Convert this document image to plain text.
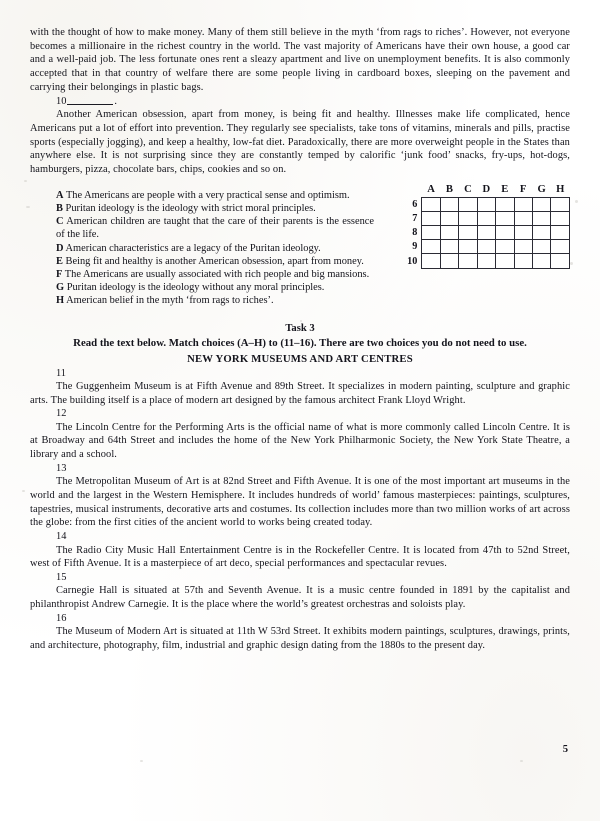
with the thought of how to make money. Many of them still believe in the myth ‘from rags to riches’. However, not everyone becomes a millionaire in the richest country in the world. The vast majority of Americans have their own house, a good car and a well-paid job. The less fortunate ones rent a sleazy apartment and live on unemployment benefits. It is also commonly accepted that in that country of welfare there are some people living in cardboard boxes, sleeping on the pavement and carrying their belongings in plastic bags.

10	.

Another American obsession, apart from money, is being fit and healthy. Illnesses make life complicated, hence Americans put a lot of effort into prevention. They regularly see specialists, take tons of vitamins, minerals and pills, practise sports (especially jogging), and keep a healthy, low-fat diet. Paradoxically, there are more overweight people in the States than anywhere else. It is not surprising since they are constantly temped by calorific ‘junk food’ snacks, fry-ups, hot-dogs, hamburgers, pizza, chocolate bars, chips, cookies and so on.

A The Americans are people with a very practical sense and optimism.

B Puritan ideology is the ideology with strict moral principles.

C American children are taught that the care of their parents is the essence of the life.

D American characteristics are a legacy of the Puritan ideology.

E Being fit and healthy is another American obsession, apart from money.

F The Americans are usually associated with rich people and big mansions.

G Puritan ideology is the ideology without any moral principles.

H American belief in the myth ‘from rags to riches’.

	A	B	C	D	E	F	G	H
6								
7								
8								
9								
10								

Task 3

Read the text below. Match choices (A–H) to (11–16). There are two choices you do not need to use.

NEW YORK MUSEUMS AND ART CENTRES

11

The Guggenheim Museum is at Fifth Avenue and 89th Street. It specializes in modern painting, sculpture and graphic arts. The building itself is a place of modern art designed by the famous architect Frank Lloyd Wright.

12

The Lincoln Centre for the Performing Arts is the official name of what is more commonly called Lincoln Centre. It is at Broadway and 64th Street and includes the home of the New York Philharmonic Society, the New York State Theatre, a library and a school.

13

The Metropolitan Museum of Art is at 82nd Street and Fifth Avenue. It is one of the most important art museums in the world and the largest in the Western Hemisphere. It includes hundreds of world’ famous masterpieces: paintings, sculptures, tapestries, musical instruments, decorative arts and costumes. Its collection includes more than two million works of art across the globe: from the first cities of the ancient world to works being created today.

14

The Radio City Music Hall Entertainment Centre is in the Rockefeller Centre. It is located from 47th to 52nd Street, west of Fifth Avenue. It is a masterpiece of art deco, special performances and spectacular revues.

15

Carnegie Hall is situated at 57th and Seventh Avenue. It is a music centre founded in 1891 by the capitalist and philanthropist Andrew Carnegie. It is the place where the world’s greatest orchestras and soloists play.

16

The Museum of Modern Art is situated at 11th W 53rd Street. It exhibits modern paintings, sculptures, drawings, prints, and architecture, photography, film, industrial and graphic design dating from the 1880s to the present day.

5
